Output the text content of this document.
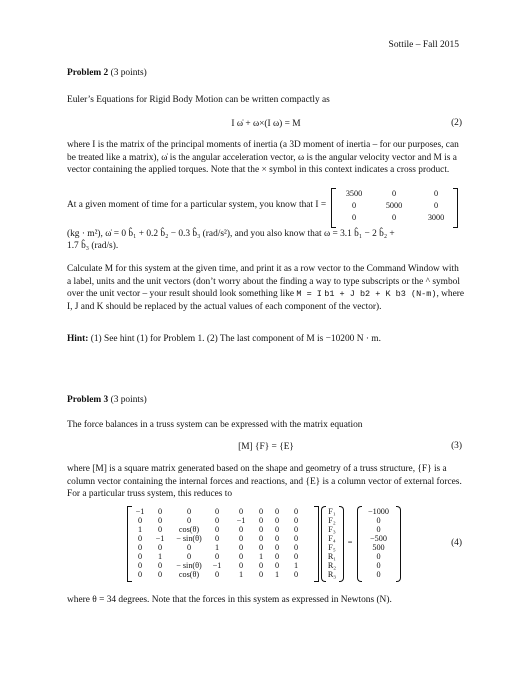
Sottile – Fall 2015
Problem 2 (3 points)
Euler’s Equations for Rigid Body Motion can be written compactly as
I ω̇ + ω×(I ω) = M	(2)
where I is the matrix of the principal moments of inertia (a 3D moment of inertia – for our purposes, can be treated like a matrix), ω̇ is the angular acceleration vector, ω is the angular velocity vector and M is a vector containing the applied torques. Note that the × symbol in this context indicates a cross product.
At a given moment of time for a particular system, you know that I =
3500	0	0
0	5000	0
0	0	3000
(kg · m²), ω̇ = 0 b̂₁ + 0.2 b̂₂ − 0.3 b̂₃ (rad/s²), and you also know that ω = 3.1 b̂₁ − 2 b̂₂ +
1.7 b̂₃ (rad/s).
Calculate M for this system at the given time, and print it as a row vector to the Command Window with a label, units and the unit vectors (don’t worry about the finding a way to type subscripts or the ^ symbol over the unit vector – your result should look something like M = I b1 + J b2 + K b3 (N-m), where I, J and K should be replaced by the actual values of each component of the vector).
Hint: (1) See hint (1) for Problem 1. (2) The last component of M is −10200 N · m.
Problem 3 (3 points)
The force balances in a truss system can be expressed with the matrix equation
[M] {F} = {E}	(3)
where [M] is a square matrix generated based on the shape and geometry of a truss structure, {F} is a column vector containing the internal forces and reactions, and {E} is a column vector of external forces. For a particular truss system, this reduces to
=
−1	0	0	0	0	0	0	0
0	0	0	0	−1	0	0	0
1	0	cos(θ)	0	0	0	0	0
0	−1	− sin(θ)	0	0	0	0	0
0	0	0	1	0	0	0	0
0	1	0	0	0	1	0	0
0	0	− sin(θ)	−1	0	0	0	1
0	0	cos(θ)	0	1	0	1	0
F₁
F₂
F₃
F₄
F₅
R₁
R₂
R₃
−1000
0
0
−500
500
0
0
0
(4)
where θ = 34 degrees. Note that the forces in this system as expressed in Newtons (N).
